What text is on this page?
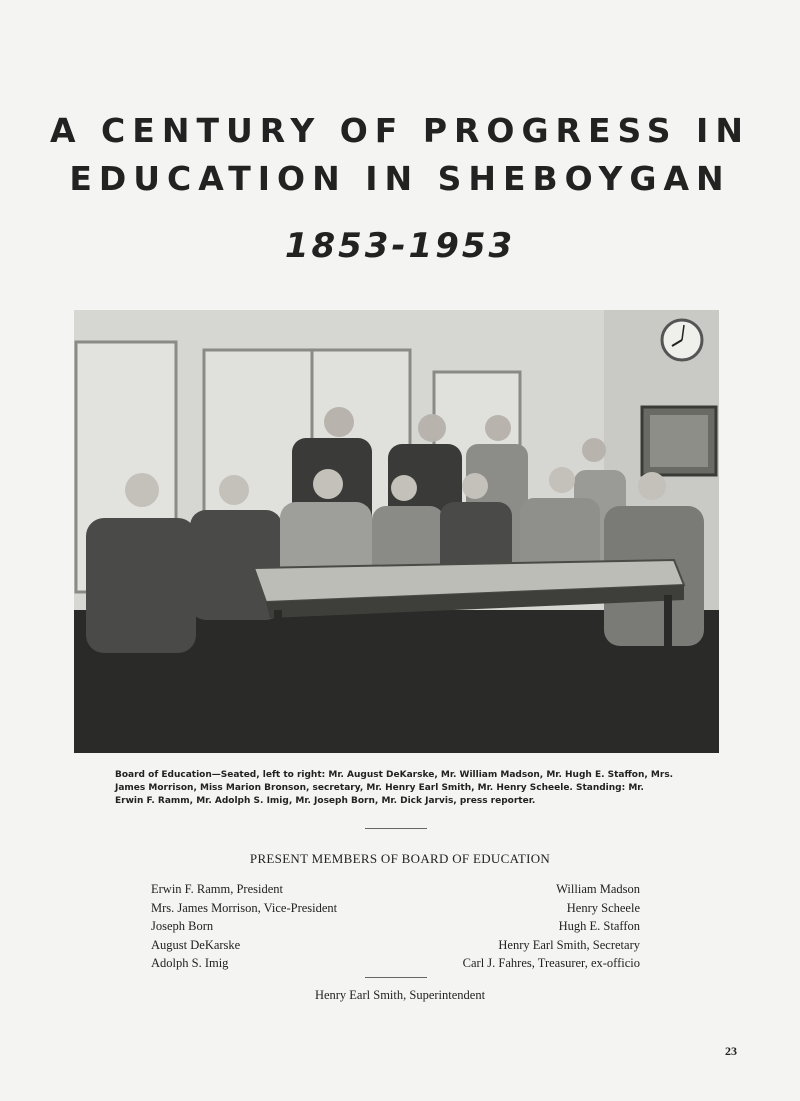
A CENTURY OF PROGRESS IN
EDUCATION IN SHEBOYGAN
1853-1953
Board of Education—Seated, left to right: Mr. August DeKarske, Mr. William Madson, Mr. Hugh E. Staffon, Mrs. James Morrison, Miss Marion Bronson, secretary, Mr. Henry Earl Smith, Mr. Henry Scheele. Standing: Mr. Erwin F. Ramm, Mr. Adolph S. Imig, Mr. Joseph Born, Mr. Dick Jarvis, press reporter.
PRESENT MEMBERS OF BOARD OF EDUCATION
Erwin F. Ramm, President
Mrs. James Morrison, Vice-President
Joseph Born
August DeKarske
Adolph S. Imig
William Madson
Henry Scheele
Hugh E. Staffon
Henry Earl Smith, Secretary
Carl J. Fahres, Treasurer, ex-officio
Henry Earl Smith, Superintendent
23
